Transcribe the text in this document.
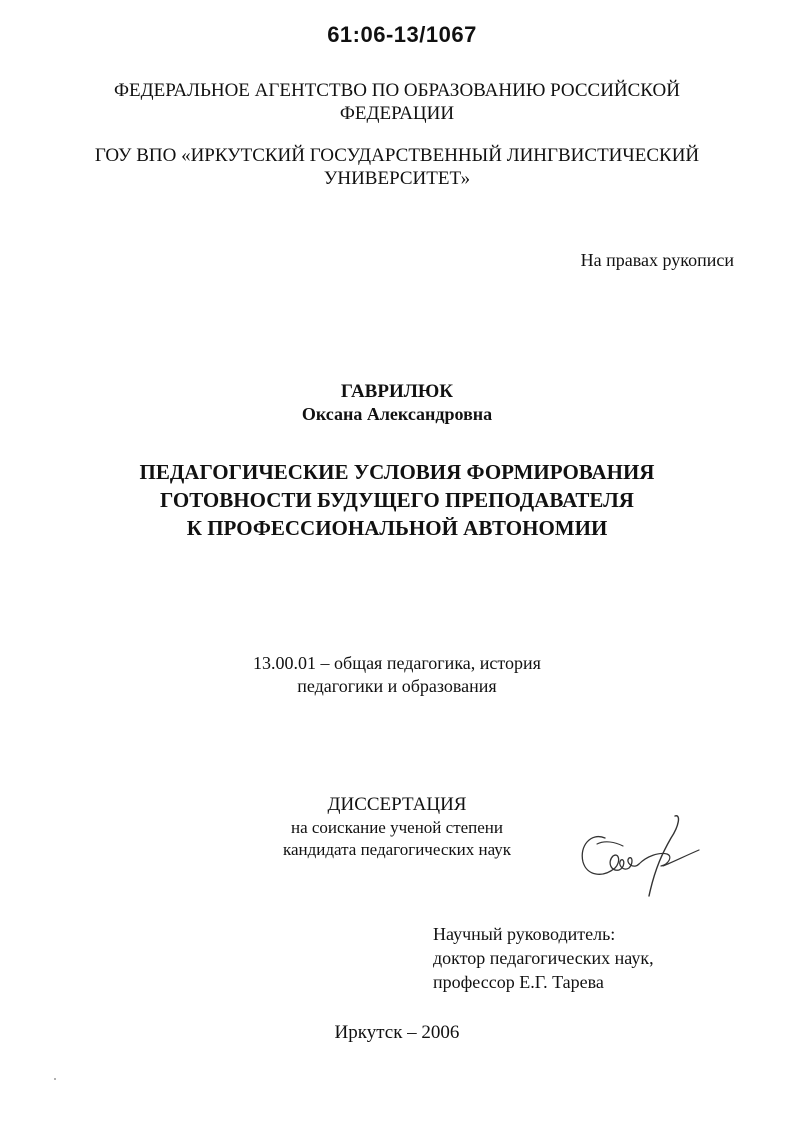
61:06-13/1067
ФЕДЕРАЛЬНОЕ АГЕНТСТВО ПО ОБРАЗОВАНИЮ РОССИЙСКОЙ
ФЕДЕРАЦИИ
ГОУ ВПО «ИРКУТСКИЙ ГОСУДАРСТВЕННЫЙ ЛИНГВИСТИЧЕСКИЙ
УНИВЕРСИТЕТ»
На правах рукописи
ГАВРИЛЮК
Оксана Александровна
ПЕДАГОГИЧЕСКИЕ УСЛОВИЯ ФОРМИРОВАНИЯ
ГОТОВНОСТИ БУДУЩЕГО ПРЕПОДАВАТЕЛЯ
К ПРОФЕССИОНАЛЬНОЙ АВТОНОМИИ
13.00.01 – общая педагогика, история
педагогики и образования
ДИССЕРТАЦИЯ
на соискание ученой степени
кандидата педагогических наук
Научный руководитель:
доктор педагогических наук,
профессор Е.Г. Тарева
Иркутск – 2006
